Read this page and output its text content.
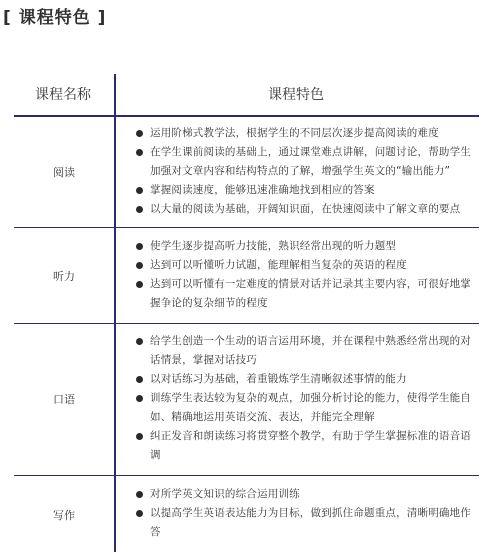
[ 课程特色 ]
课程名称	课程特色
阅读
运用阶梯式教学法，根据学生的不同层次逐步提高阅读的难度
在学生课前阅读的基础上，通过课堂难点讲解，问题讨论，帮助学生加强对文章内容和结构特点的了解，增强学生英文的“输出能力”
掌握阅读速度，能够迅速准确地找到相应的答案
以大量的阅读为基础，开阔知识面，在快速阅读中了解文章的要点
听力
使学生逐步提高听力技能，熟识经常出现的听力题型
达到可以听懂听力试题，能理解相当复杂的英语的程度
达到可以听懂有一定难度的情景对话并记录其主要内容，可很好地掌握争论的复杂细节的程度
口语
给学生创造一个生动的语言运用环境，并在课程中熟悉经常出现的对话情景，掌握对话技巧
以对话练习为基础，着重锻炼学生清晰叙述事情的能力
训练学生表达较为复杂的观点，加强分析讨论的能力，使得学生能自如、精确地运用英语交流、表达，并能完全理解
纠正发音和朗读练习将贯穿整个教学，有助于学生掌握标准的语音语调
写作
对所学英文知识的综合运用训练
以提高学生英语表达能力为目标，做到抓住命题重点，清晰明确地作答
